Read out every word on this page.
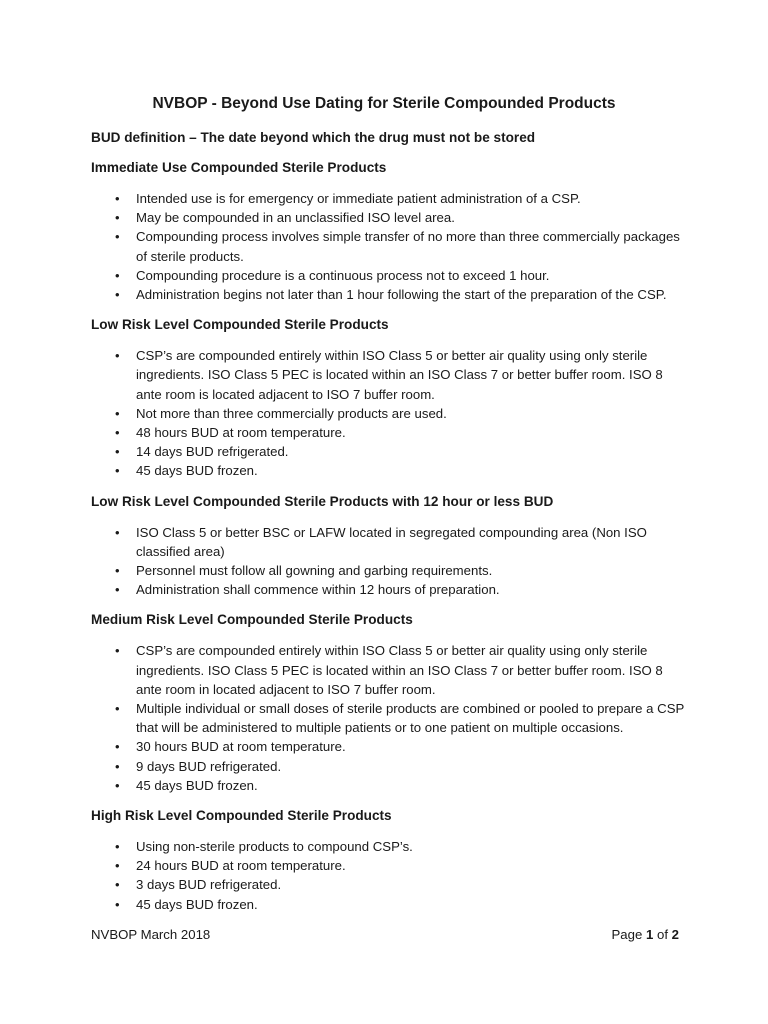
NVBOP - Beyond Use Dating for Sterile Compounded Products

BUD definition – The date beyond which the drug must not be stored

Immediate Use Compounded Sterile Products

• Intended use is for emergency or immediate patient administration of a CSP.
• May be compounded in an unclassified ISO level area.
• Compounding process involves simple transfer of no more than three commercially packages of sterile products.
• Compounding procedure is a continuous process not to exceed 1 hour.
• Administration begins not later than 1 hour following the start of the preparation of the CSP.

Low Risk Level Compounded Sterile Products

• CSP’s are compounded entirely within ISO Class 5 or better air quality using only sterile ingredients. ISO Class 5 PEC is located within an ISO Class 7 or better buffer room. ISO 8 ante room is located adjacent to ISO 7 buffer room.
• Not more than three commercially products are used.
• 48 hours BUD at room temperature.
• 14 days BUD refrigerated.
• 45 days BUD frozen.

Low Risk Level Compounded Sterile Products with 12 hour or less BUD

• ISO Class 5 or better BSC or LAFW located in segregated compounding area (Non ISO classified area)
• Personnel must follow all gowning and garbing requirements.
• Administration shall commence within 12 hours of preparation.

Medium Risk Level Compounded Sterile Products

• CSP’s are compounded entirely within ISO Class 5 or better air quality using only sterile ingredients. ISO Class 5 PEC is located within an ISO Class 7 or better buffer room. ISO 8 ante room in located adjacent to ISO 7 buffer room.
• Multiple individual or small doses of sterile products are combined or pooled to prepare a CSP that will be administered to multiple patients or to one patient on multiple occasions.
• 30 hours BUD at room temperature.
• 9 days BUD refrigerated.
• 45 days BUD frozen.

High Risk Level Compounded Sterile Products

• Using non-sterile products to compound CSP’s.
• 24 hours BUD at room temperature.
• 3 days BUD refrigerated.
• 45 days BUD frozen.
NVBOP March 2018	Page 1 of 2
